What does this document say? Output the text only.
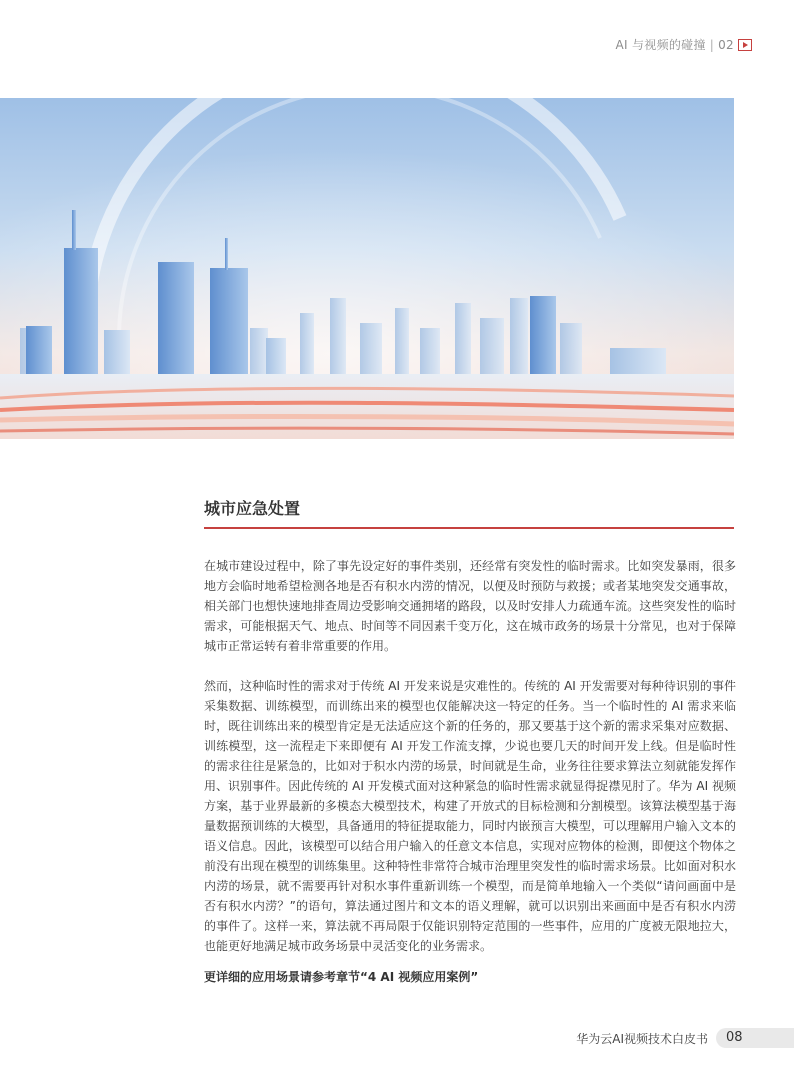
AI 与视频的碰撞 | 02
城市应急处置

在城市建设过程中，除了事先设定好的事件类别，还经常有突发性的临时需求。比如突发暴雨，很多地方会临时地希望检测各地是否有积水内涝的情况，以便及时预防与救援；或者某地突发交通事故，相关部门也想快速地排查周边受影响交通拥堵的路段，以及时安排人力疏通车流。这些突发性的临时需求，可能根据天气、地点、时间等不同因素千变万化，这在城市政务的场景十分常见，也对于保障城市正常运转有着非常重要的作用。

然而，这种临时性的需求对于传统 AI 开发来说是灾难性的。传统的 AI 开发需要对每种待识别的事件采集数据、训练模型，而训练出来的模型也仅能解决这一特定的任务。当一个临时性的 AI 需求来临时，既往训练出来的模型肯定是无法适应这个新的任务的，那又要基于这个新的需求采集对应数据、训练模型，这一流程走下来即便有 AI 开发工作流支撑，少说也要几天的时间开发上线。但是临时性的需求往往是紧急的，比如对于积水内涝的场景，时间就是生命，业务往往要求算法立刻就能发挥作用、识别事件。因此传统的 AI 开发模式面对这种紧急的临时性需求就显得捉襟见肘了。华为 AI 视频方案，基于业界最新的多模态大模型技术，构建了开放式的目标检测和分割模型。该算法模型基于海量数据预训练的大模型，具备通用的特征提取能力，同时内嵌预言大模型，可以理解用户输入文本的语义信息。因此，该模型可以结合用户输入的任意文本信息，实现对应物体的检测，即便这个物体之前没有出现在模型的训练集里。这种特性非常符合城市治理里突发性的临时需求场景。比如面对积水内涝的场景，就不需要再针对积水事件重新训练一个模型，而是简单地输入一个类似“请问画面中是否有积水内涝？”的语句，算法通过图片和文本的语义理解，就可以识别出来画面中是否有积水内涝的事件了。这样一来，算法就不再局限于仅能识别特定范围的一些事件，应用的广度被无限地拉大，也能更好地满足城市政务场景中灵活变化的业务需求。

更详细的应用场景请参考章节“4 AI 视频应用案例”

华为云AI视频技术白皮书	08
